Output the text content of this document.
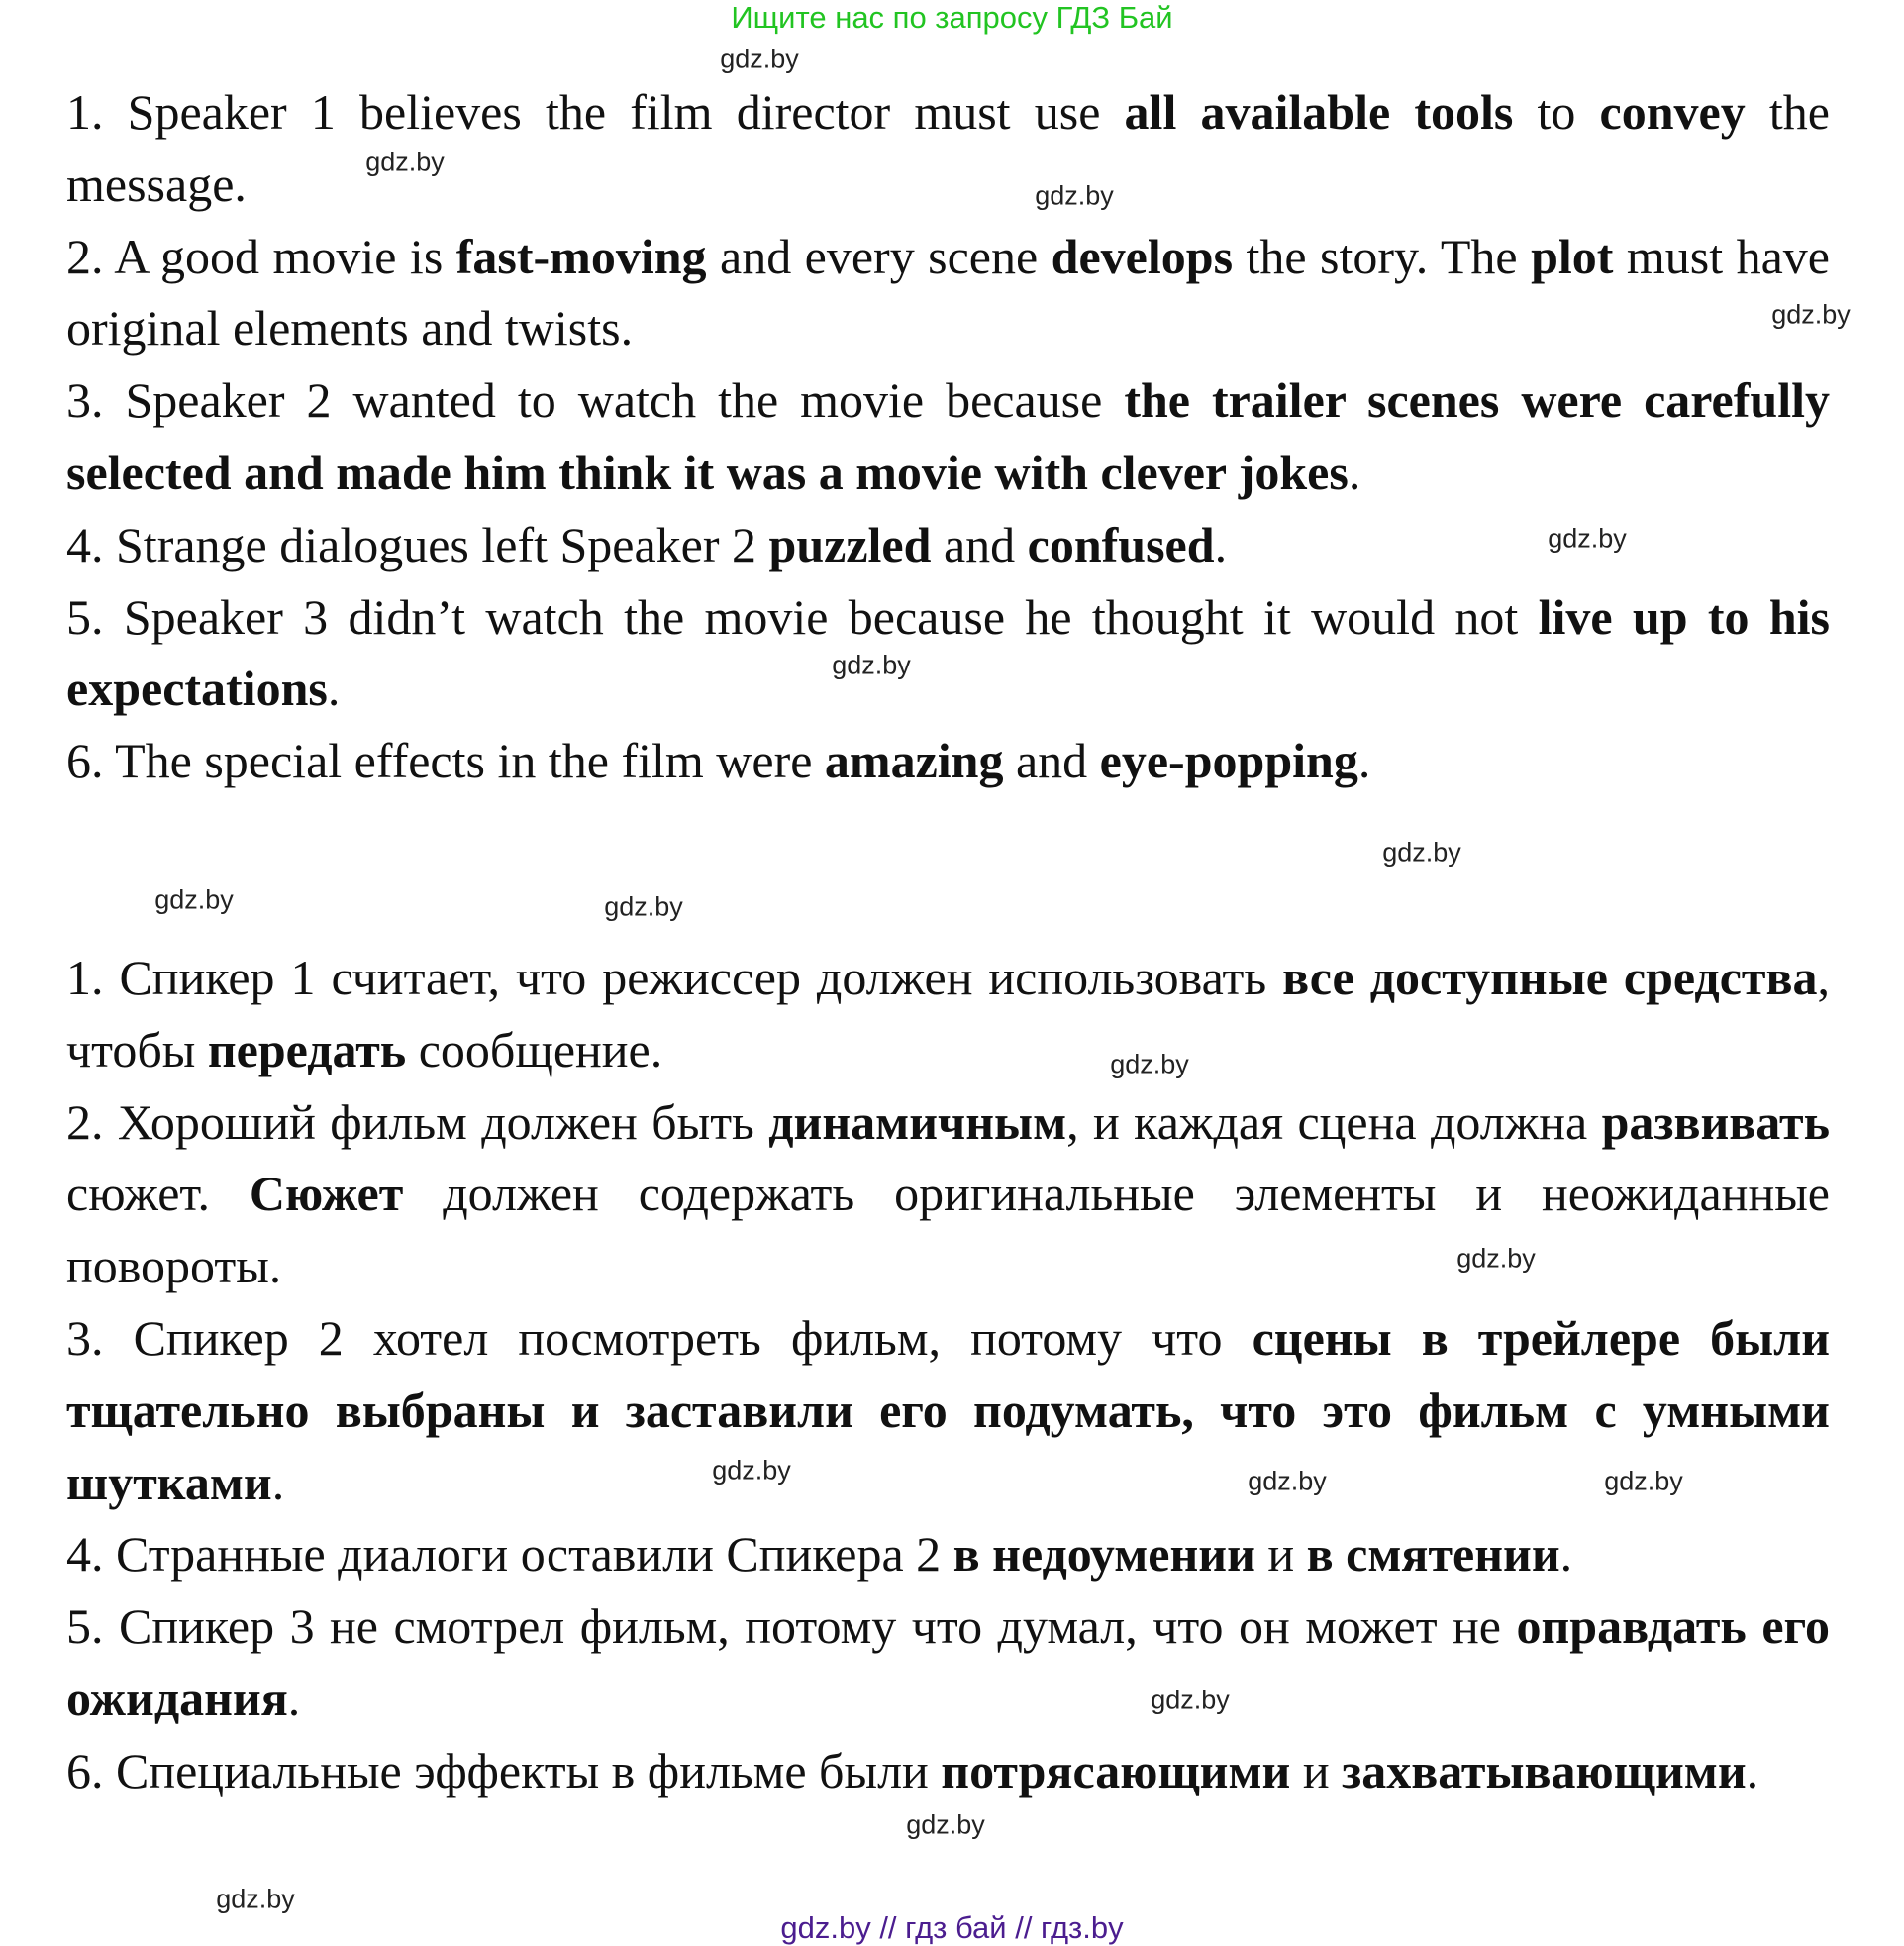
Ищите нас по запросу ГДЗ Бай

1. Speaker 1 believes the film director must use all available tools to convey the message.

2. A good movie is fast-moving and every scene develops the story. The plot must have original elements and twists.

3. Speaker 2 wanted to watch the movie because the trailer scenes were carefully selected and made him think it was a movie with clever jokes.

4. Strange dialogues left Speaker 2 puzzled and confused.

5. Speaker 3 didn’t watch the movie because he thought it would not live up to his expectations.

6. The special effects in the film were amazing and eye-popping.

1. Спикер 1 считает, что режиссер должен использовать все доступные средства, чтобы передать сообщение.

2. Хороший фильм должен быть динамичным, и каждая сцена должна развивать сюжет. Сюжет должен содержать оригинальные элементы и неожиданные повороты.

3. Спикер 2 хотел посмотреть фильм, потому что сцены в трейлере были тщательно выбраны и заставили его подумать, что это фильм с умными шутками.

4. Странные диалоги оставили Спикера 2 в недоумении и в смятении.

5. Спикер 3 не смотрел фильм, потому что думал, что он может не оправдать его ожидания.

6. Специальные эффекты в фильме были потрясающими и захватывающими.

gdz.by
gdz.by
gdz.by
gdz.by
gdz.by
gdz.by
gdz.by
gdz.by	gdz.by
gdz.by
gdz.by
gdz.by	gdz.by	gdz.by
gdz.by
gdz.by
gdz.by
gdz.by // гдз бай // гдз.by
